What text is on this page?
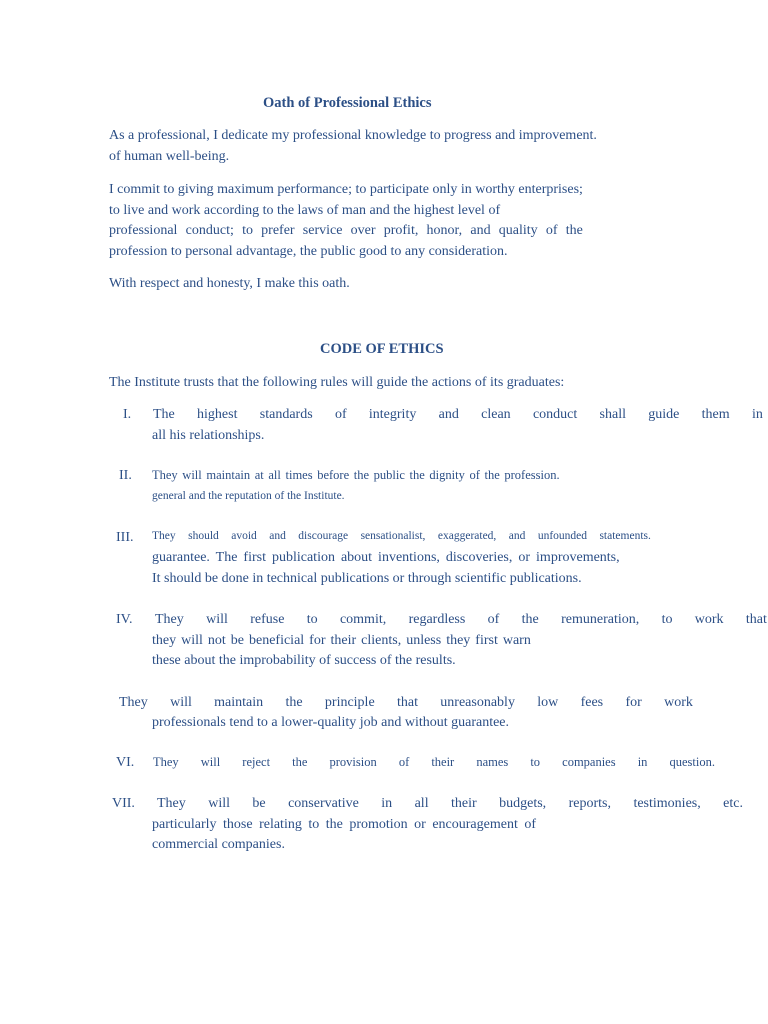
Oath of Professional Ethics
As a professional, I dedicate my professional knowledge to progress and improvement.
of human well-being.
I commit to giving maximum performance; to participate only in worthy enterprises;
to live and work according to the laws of man and the highest level of
professional conduct; to prefer service over profit, honor, and quality of the
profession to personal advantage, the public good to any consideration.
With respect and honesty, I make this oath.
CODE OF ETHICS
The Institute trusts that the following rules will guide the actions of its graduates:
I. The highest standards of integrity and clean conduct shall guide them in
all his relationships.
II. They will maintain at all times before the public the dignity of the profession.
general and the reputation of the Institute.
III. They should avoid and discourage sensationalist, exaggerated, and unfounded statements.
guarantee. The first publication about inventions, discoveries, or improvements,
It should be done in technical publications or through scientific publications.
IV. They will refuse to commit, regardless of the remuneration, to work that
they will not be beneficial for their clients, unless they first warn
these about the improbability of success of the results.
They will maintain the principle that unreasonably low fees for work
professionals tend to a lower-quality job and without guarantee.
VI. They will reject the provision of their names to companies in question.
VII. They will be conservative in all their budgets, reports, testimonies, etc.
particularly those relating to the promotion or encouragement of
commercial companies.
